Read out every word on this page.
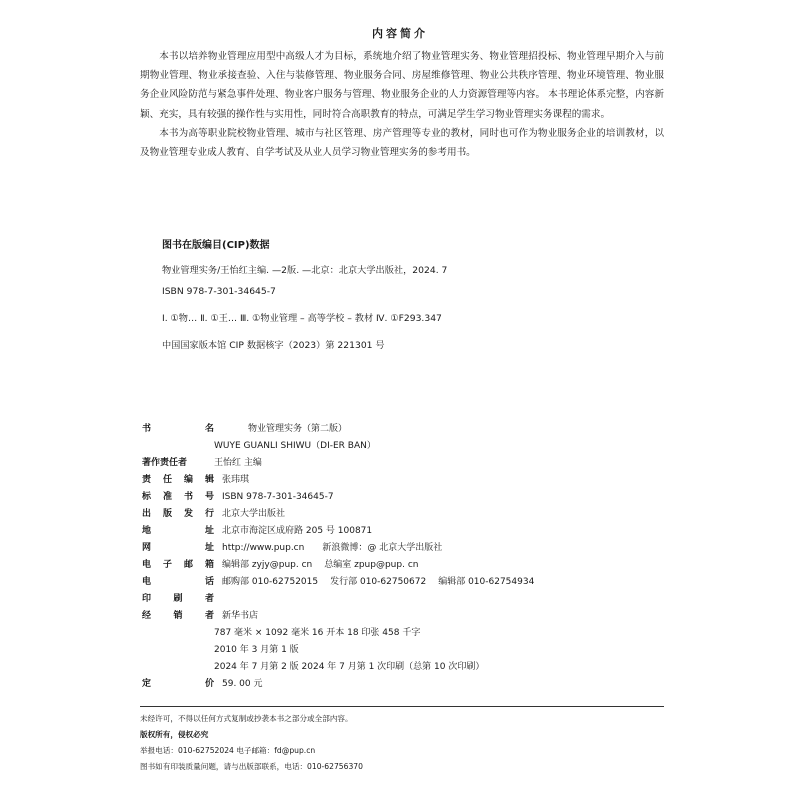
内容简介

本书以培养物业管理应用型中高级人才为目标，系统地介绍了物业管理实务、物业管理招投标、物业管理早期介入与前期物业管理、物业承接查验、入住与装修管理、物业服务合同、房屋维修管理、物业公共秩序管理、物业环境管理、物业服务企业风险防范与紧急事件处理、物业客户服务与管理、物业服务企业的人力资源管理等内容。 本书理论体系完整，内容新颖、充实，具有较强的操作性与实用性，同时符合高职教育的特点，可满足学生学习物业管理实务课程的需求。

本书为高等职业院校物业管理、城市与社区管理、房产管理等专业的教材，同时也可作为物业服务企业的培训教材，以及物业管理专业成人教育、自学考试及从业人员学习物业管理实务的参考用书。

图书在版编目(CIP)数据
物业管理实务/王怡红主编. —2版. —北京：北京大学出版社，2024. 7
ISBN 978-7-301-34645-7
Ⅰ. ①物… Ⅱ. ①王… Ⅲ. ①物业管理 – 高等学校 – 教材 Ⅳ. ①F293.347
中国国家版本馆 CIP 数据核字（2023）第 221301 号
书	名	物业管理实务（第二版）
WUYE GUANLI SHIWU（DI-ER BAN）
著作责任者	王怡红 主编
责 任 编 辑 张玮琪
标 准 书 号 ISBN 978-7-301-34645-7
出 版 发 行 北京大学出版社
地	址 北京市海淀区成府路 205 号 100871
网	址 http://www.pup.cn 新浪微博：@ 北京大学出版社
电 子 邮 箱 编辑部 zyjy@pup. cn 总编室 zpup@pup. cn
电	话 邮购部 010-62752015 发行部 010-62750672 编辑部 010-62754934
印 刷 者
经 销 者 新华书店
787 毫米 × 1092 毫米 16 开本 18 印张 458 千字
2010 年 3 月第 1 版
2024 年 7 月第 2 版 2024 年 7 月第 1 次印刷（总第 10 次印刷）
定	价 59. 00 元
未经许可，不得以任何方式复制或抄袭本书之部分或全部内容。
版权所有，侵权必究
举报电话：010-62752024 电子邮箱：fd@pup.cn
图书如有印装质量问题，请与出版部联系，电话：010-62756370
